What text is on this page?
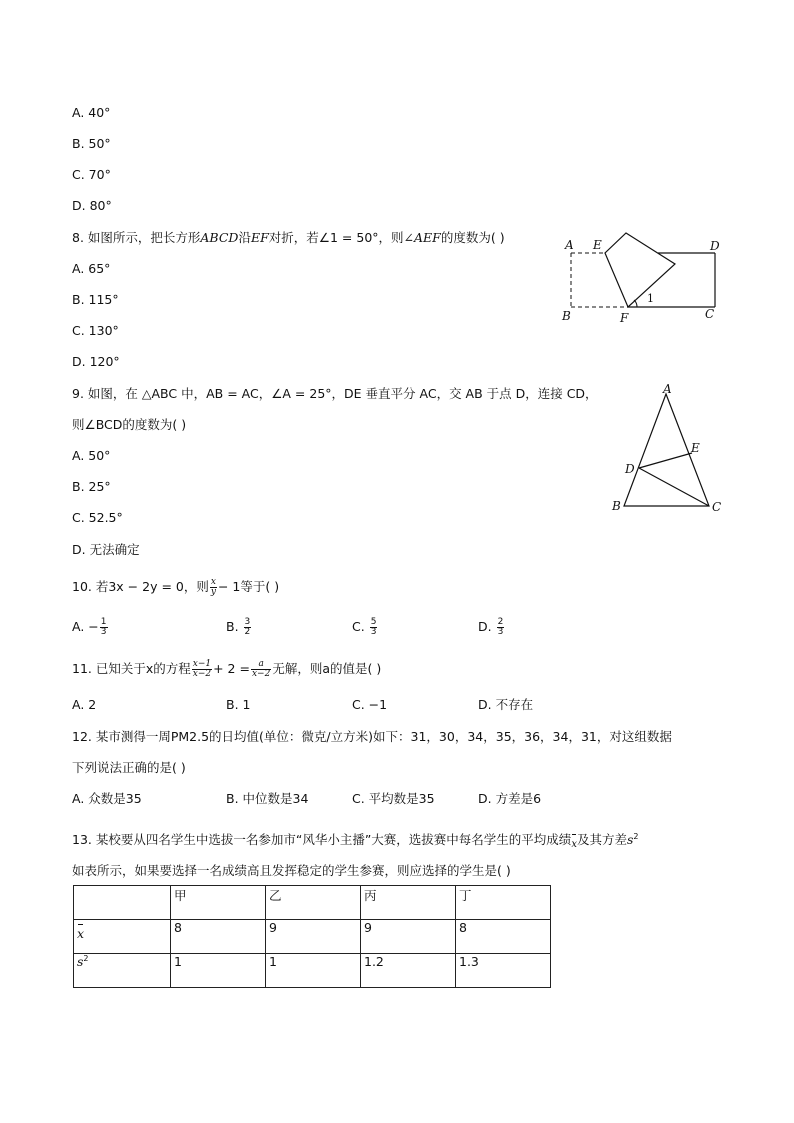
A. 40°
B. 50°
C. 70°
D. 80°
8. 如图所示，把长方形ABCD沿EF对折，若∠1 = 50°，则∠AEF的度数为( )
A. 65°
B. 115°
C. 130°
D. 120°
A E	D
B	F	C
1
9. 如图，在 △ABC 中，AB = AC，∠A = 25°，DE 垂直平分 AC，交 AB 于点 D，连接 CD，
则∠BCD的度数为( )
A. 50°
B. 25°
C. 52.5°
D. 无法确定
A
E
D
B	C
10. 若3x − 2y = 0，则 $\frac{x}{y} - 1$等于( )
A. − $\frac{1}{3}$	B. $\frac{3}{2}$	C. $\frac{5}{3}$	D. $\frac{2}{3}$
11. 已知关于x的方程 $\frac{x-1}{x-2} + 2 = \frac{a}{x-2}$ 无解，则a的值是( )
A. 2	B. 1	C. −1	D. 不存在
12. 某市测得一周PM2.5的日均值(单位：微克/立方米)如下：31，30，34，35，36，34，31，对这组数据
下列说法正确的是( )
A. 众数是35	B. 中位数是34	C. 平均数是35	D. 方差是6
13. 某校要从四名学生中选拔一名参加市“风华小主播”大赛，选拔赛中每名学生的平均成绩x及其方差$s^2$
如表所示，如果要选择一名成绩高且发挥稳定的学生参赛，则应选择的学生是( )
	甲	乙	丙	丁
x	8	9	9	8
$s^2$	1	1	1.2	1.3
